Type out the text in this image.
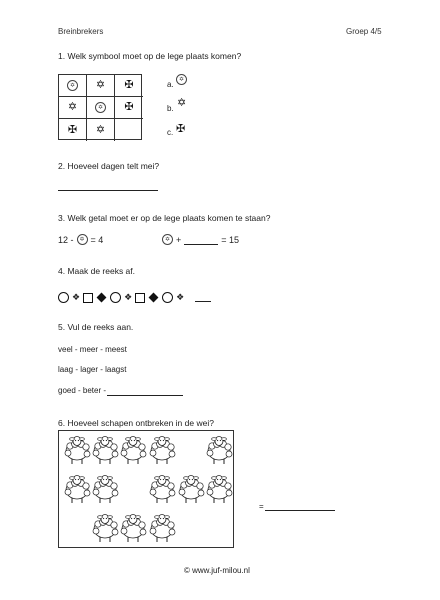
Breinbrekers	Groep 4/5
1. Welk symbool moet op de lege plaats komen?
✡ ✡ ✠
✡	✡ ✠
✠ ✡
a. ✡
b. ✡
c. ✠
2. Hoeveel dagen telt mei?
3. Welk getal moet er op de lege plaats komen te staan?
12 - ✡ = 4	✡ +	= 15
4. Maak de reeks af.
❖	❖	❖
5. Vul de reeks aan.
veel - meer - meest
laag - lager - laagst
goed - beter -
6. Hoeveel schapen ontbreken in de wei?
=
© www.juf-milou.nl
